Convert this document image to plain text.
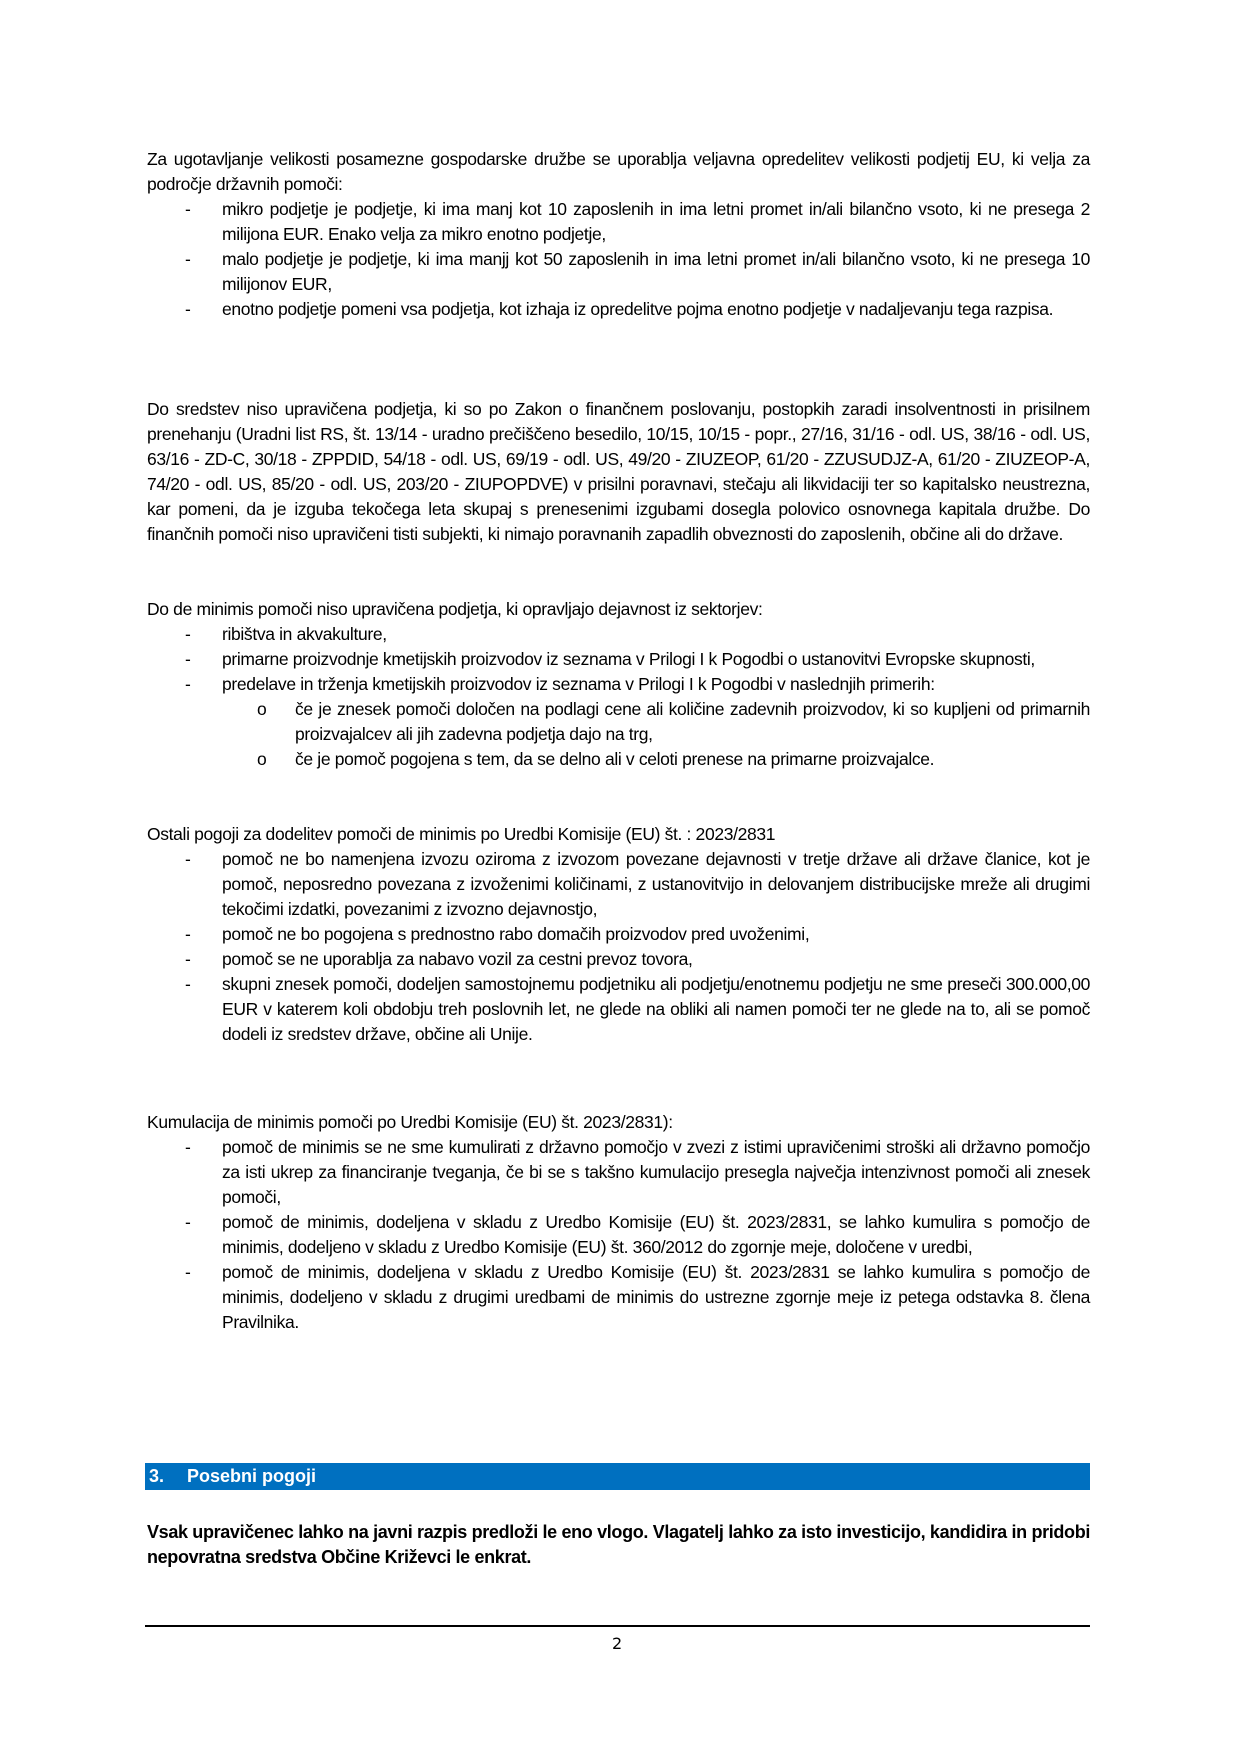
Za ugotavljanje velikosti posamezne gospodarske družbe se uporablja veljavna opredelitev velikosti podjetij EU, ki velja za področje državnih pomoči:

- mikro podjetje je podjetje, ki ima manj kot 10 zaposlenih in ima letni promet in/ali bilančno vsoto, ki ne presega 2 milijona EUR. Enako velja za mikro enotno podjetje,
- malo podjetje je podjetje, ki ima manjj kot 50 zaposlenih in ima letni promet in/ali bilančno vsoto, ki ne presega 10 milijonov EUR,
- enotno podjetje pomeni vsa podjetja, kot izhaja iz opredelitve pojma enotno podjetje v nadaljevanju tega razpisa.

Do sredstev niso upravičena podjetja, ki so po Zakon o finančnem poslovanju, postopkih zaradi insolventnosti in prisilnem prenehanju (Uradni list RS, št. 13/14 - uradno prečiščeno besedilo, 10/15, 10/15 - popr., 27/16, 31/16 - odl. US, 38/16 - odl. US, 63/16 - ZD-C, 30/18 - ZPPDID, 54/18 - odl. US, 69/19 - odl. US, 49/20 - ZIUZEOP, 61/20 - ZZUSUDJZ-A, 61/20 - ZIUZEOP-A, 74/20 - odl. US, 85/20 - odl. US, 203/20 - ZIUPOPDVE) v prisilni poravnavi, stečaju ali likvidaciji ter so kapitalsko neustrezna, kar pomeni, da je izguba tekočega leta skupaj s prenesenimi izgubami dosegla polovico osnovnega kapitala družbe. Do finančnih pomoči niso upravičeni tisti subjekti, ki nimajo poravnanih zapadlih obveznosti do zaposlenih, občine ali do države.

Do de minimis pomoči niso upravičena podjetja, ki opravljajo dejavnost iz sektorjev:

- ribištva in akvakulture,
- primarne proizvodnje kmetijskih proizvodov iz seznama v Prilogi I k Pogodbi o ustanovitvi Evropske skupnosti,
- predelave in trženja kmetijskih proizvodov iz seznama v Prilogi I k Pogodbi v naslednjih primerih:
o če je znesek pomoči določen na podlagi cene ali količine zadevnih proizvodov, ki so kupljeni od primarnih proizvajalcev ali jih zadevna podjetja dajo na trg,
o če je pomoč pogojena s tem, da se delno ali v celoti prenese na primarne proizvajalce.

Ostali pogoji za dodelitev pomoči de minimis po Uredbi Komisije (EU) št. : 2023/2831

- pomoč ne bo namenjena izvozu oziroma z izvozom povezane dejavnosti v tretje države ali države članice, kot je pomoč, neposredno povezana z izvoženimi količinami, z ustanovitvijo in delovanjem distribucijske mreže ali drugimi tekočimi izdatki, povezanimi z izvozno dejavnostjo,
- pomoč ne bo pogojena s prednostno rabo domačih proizvodov pred uvoženimi,
- pomoč se ne uporablja za nabavo vozil za cestni prevoz tovora,
- skupni znesek pomoči, dodeljen samostojnemu podjetniku ali podjetju/enotnemu podjetju ne sme preseči 300.000,00 EUR v katerem koli obdobju treh poslovnih let, ne glede na obliki ali namen pomoči ter ne glede na to, ali se pomoč dodeli iz sredstev države, občine ali Unije.

Kumulacija de minimis pomoči po Uredbi Komisije (EU) št. 2023/2831):

- pomoč de minimis se ne sme kumulirati z državno pomočjo v zvezi z istimi upravičenimi stroški ali državno pomočjo za isti ukrep za financiranje tveganja, če bi se s takšno kumulacijo presegla največja intenzivnost pomoči ali znesek pomoči,
- pomoč de minimis, dodeljena v skladu z Uredbo Komisije (EU) št. 2023/2831, se lahko kumulira s pomočjo de minimis, dodeljeno v skladu z Uredbo Komisije (EU) št. 360/2012 do zgornje meje, določene v uredbi,
- pomoč de minimis, dodeljena v skladu z Uredbo Komisije (EU) št. 2023/2831 se lahko kumulira s pomočjo de minimis, dodeljeno v skladu z drugimi uredbami de minimis do ustrezne zgornje meje iz petega odstavka 8. člena Pravilnika.
3. Posebni pogoji

Vsak upravičenec lahko na javni razpis predloži le eno vlogo. Vlagatelj lahko za isto investicijo, kandidira in pridobi nepovratna sredstva Občine Križevci le enkrat.

2
